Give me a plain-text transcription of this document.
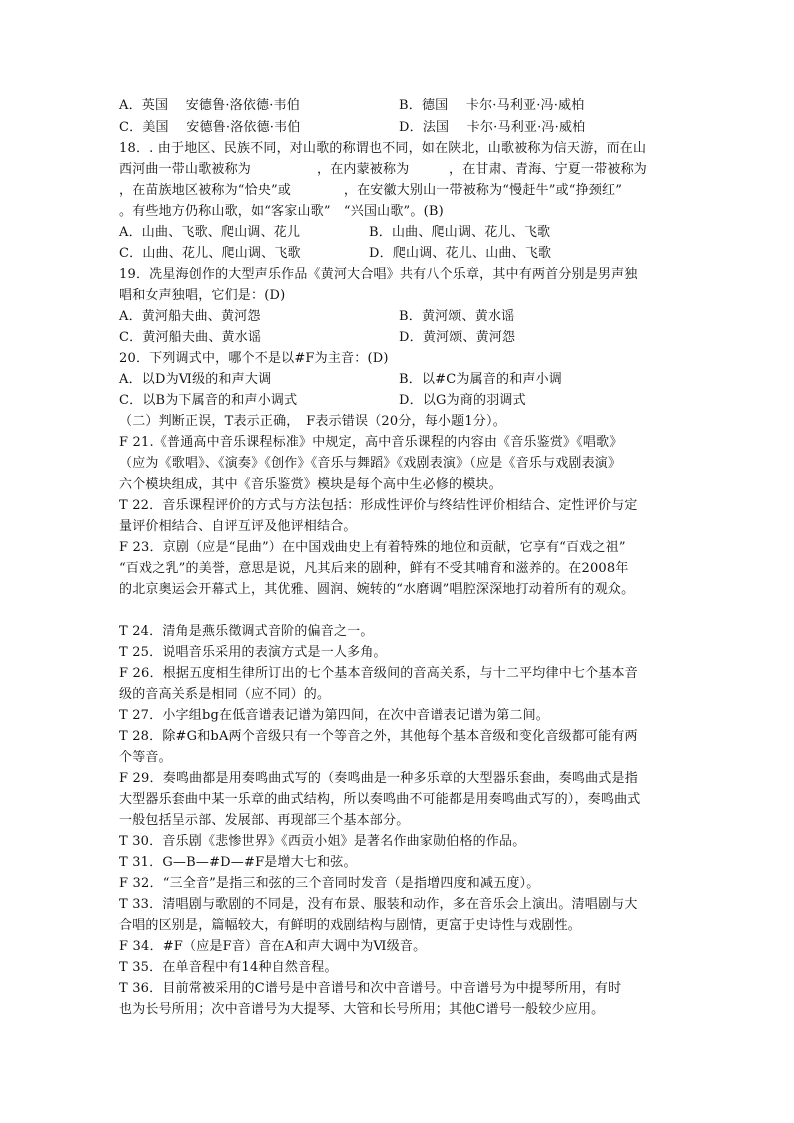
A．英国　 安德鲁·洛依德·韦伯	B．德国　 卡尔·马利亚·冯·威柏
C．美国　 安德鲁·洛依德·韦伯	D．法国　 卡尔·马利亚·冯·威柏
18．. 由于地区、民族不同，对山歌的称谓也不同，如在陕北，山歌被称为信天游，而在山
西河曲一带山歌被称为　　　　　，在内蒙被称为　　　，在甘肃、青海、宁夏一带被称为
，在苗族地区被称为“恰央”或　　　　，在安徽大别山一带被称为“慢赶牛”或“挣颈红”
。有些地方仍称山歌，如“客家山歌”　“兴国山歌”。(B)
A．山曲、飞歌、爬山调、花儿	B．山曲、爬山调、花儿、飞歌
C．山曲、花儿、爬山调、飞歌	D．爬山调、花儿、山曲、飞歌
19．冼星海创作的大型声乐作品《黄河大合唱》共有八个乐章，其中有两首分别是男声独
唱和女声独唱，它们是：(D)
A．黄河船夫曲、黄河怨	B．黄河颂、黄水谣
C．黄河船夫曲、黄水谣	D．黄河颂、黄河怨
20．下列调式中，哪个不是以#F为主音：(D)
A．以D为Ⅵ级的和声大调	B．以#C为属音的和声小调
C．以B为下属音的和声小调式	D．以G为商的羽调式
（二）判断正误，T表示正确，　F表示错误（20分，每小题1分）。
F 21.《普通高中音乐课程标准》中规定，高中音乐课程的内容由《音乐鉴赏》《唱歌》
（应为《歌唱》、《演奏》《创作》《音乐与舞蹈》《戏剧表演》（应是《音乐与戏剧表演》
六个模块组成，其中《音乐鉴赏》模块是每个高中生必修的模块。
T 22．音乐课程评价的方式与方法包括：形成性评价与终结性评价相结合、定性评价与定
量评价相结合、自评互评及他评相结合。
F 23．京剧（应是“昆曲”）在中国戏曲史上有着特殊的地位和贡献，它享有“百戏之祖”
“百戏之乳”的美誉，意思是说，凡其后来的剧种，鲜有不受其哺育和滋养的。在2008年
的北京奥运会开幕式上，其优雅、圆润、婉转的“水磨调”唱腔深深地打动着所有的观众。
T 24．清角是燕乐徵调式音阶的偏音之一。
T 25．说唱音乐采用的表演方式是一人多角。
F 26．根据五度相生律所订出的七个基本音级间的音高关系，与十二平均律中七个基本音
级的音高关系是相同（应不同）的。
T 27．小字组bg在低音谱表记谱为第四间，在次中音谱表记谱为第二间。
T 28．除#G和bA两个音级只有一个等音之外，其他每个基本音级和变化音级都可能有两
个等音。
F 29．奏鸣曲都是用奏鸣曲式写的（奏鸣曲是一种多乐章的大型器乐套曲，奏鸣曲式是指
大型器乐套曲中某一乐章的曲式结构，所以奏鸣曲不可能都是用奏鸣曲式写的），奏鸣曲式
一般包括呈示部、发展部、再现部三个基本部分。
T 30．音乐剧《悲惨世界》《西贡小姐》是著名作曲家勋伯格的作品。
T 31．G—B—#D—#F是增大七和弦。
F 32．“三全音”是指三和弦的三个音同时发音（是指增四度和减五度）。
T 33．清唱剧与歌剧的不同是，没有布景、服装和动作，多在音乐会上演出。清唱剧与大
合唱的区别是，篇幅较大，有鲜明的戏剧结构与剧情，更富于史诗性与戏剧性。
F 34．#F（应是F音）音在A和声大调中为Ⅵ级音。
T 35．在单音程中有14种自然音程。
T 36．目前常被采用的C谱号是中音谱号和次中音谱号。中音谱号为中提琴所用，有时
也为长号所用；次中音谱号为大提琴、大管和长号所用；其他C谱号一般较少应用。
